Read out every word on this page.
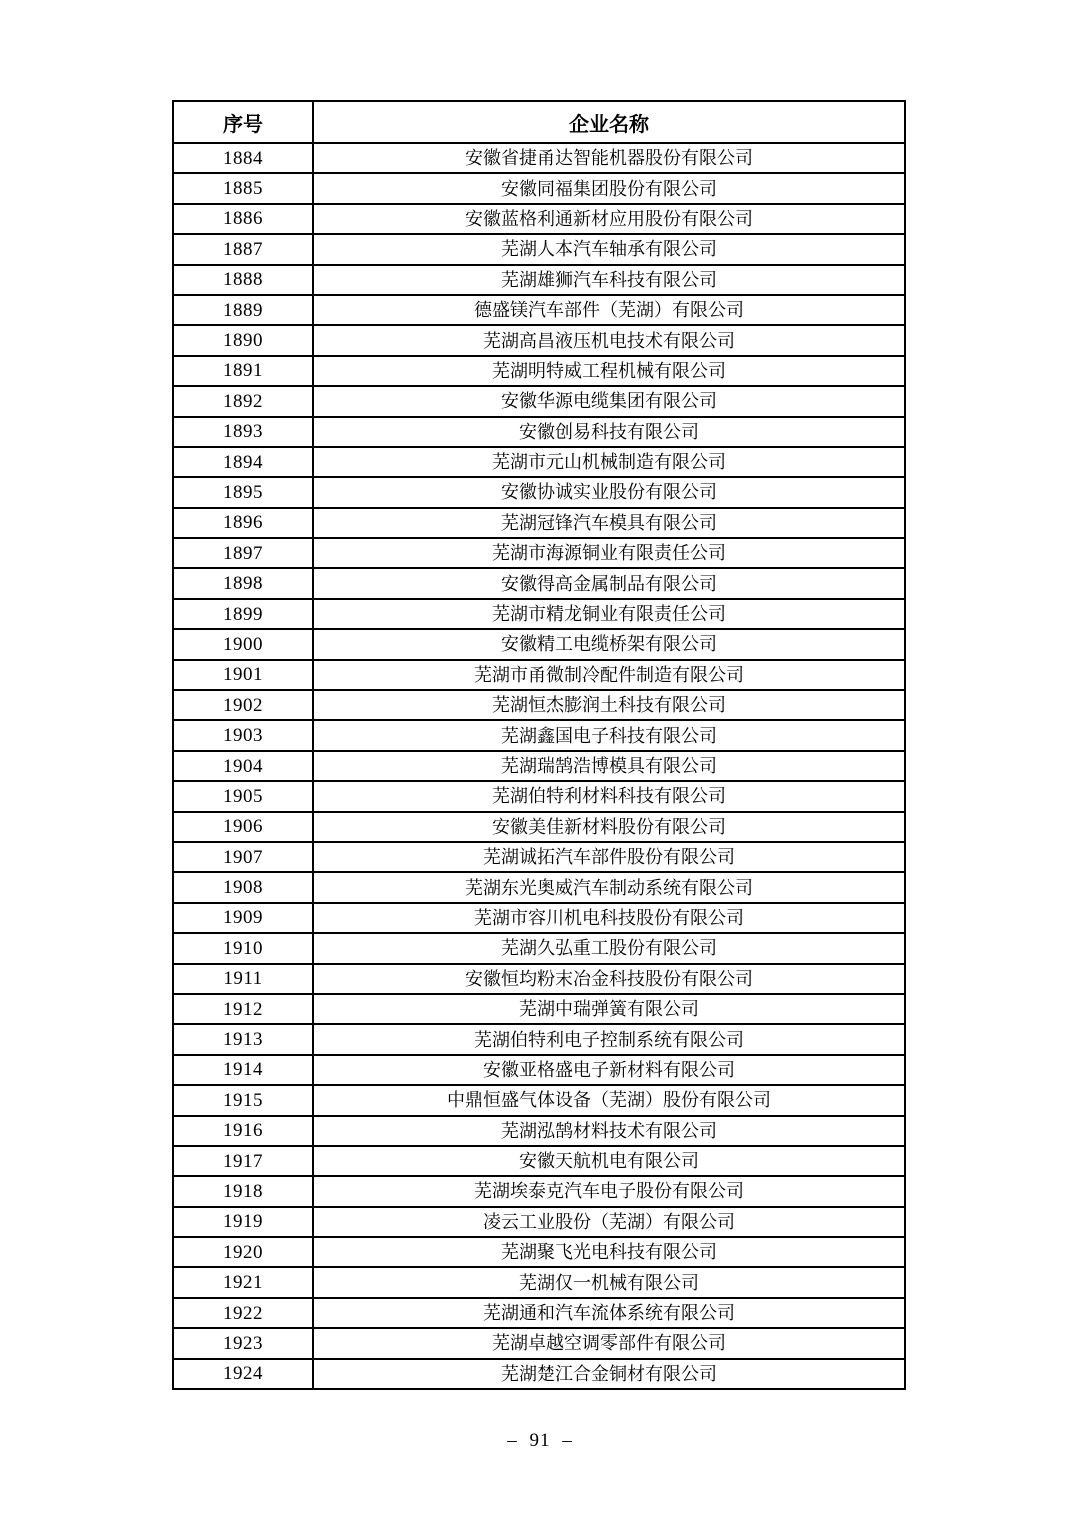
序号	企业名称
1884	安徽省捷甬达智能机器股份有限公司
1885	安徽同福集团股份有限公司
1886	安徽蓝格利通新材应用股份有限公司
1887	芜湖人本汽车轴承有限公司
1888	芜湖雄狮汽车科技有限公司
1889	德盛镁汽车部件（芜湖）有限公司
1890	芜湖高昌液压机电技术有限公司
1891	芜湖明特威工程机械有限公司
1892	安徽华源电缆集团有限公司
1893	安徽创易科技有限公司
1894	芜湖市元山机械制造有限公司
1895	安徽协诚实业股份有限公司
1896	芜湖冠锋汽车模具有限公司
1897	芜湖市海源铜业有限责任公司
1898	安徽得高金属制品有限公司
1899	芜湖市精龙铜业有限责任公司
1900	安徽精工电缆桥架有限公司
1901	芜湖市甬微制冷配件制造有限公司
1902	芜湖恒杰膨润土科技有限公司
1903	芜湖鑫国电子科技有限公司
1904	芜湖瑞鹄浩博模具有限公司
1905	芜湖伯特利材料科技有限公司
1906	安徽美佳新材料股份有限公司
1907	芜湖诚拓汽车部件股份有限公司
1908	芜湖东光奥威汽车制动系统有限公司
1909	芜湖市容川机电科技股份有限公司
1910	芜湖久弘重工股份有限公司
1911	安徽恒均粉末冶金科技股份有限公司
1912	芜湖中瑞弹簧有限公司
1913	芜湖伯特利电子控制系统有限公司
1914	安徽亚格盛电子新材料有限公司
1915	中鼎恒盛气体设备（芜湖）股份有限公司
1916	芜湖泓鹄材料技术有限公司
1917	安徽天航机电有限公司
1918	芜湖埃泰克汽车电子股份有限公司
1919	凌云工业股份（芜湖）有限公司
1920	芜湖聚飞光电科技有限公司
1921	芜湖仅一机械有限公司
1922	芜湖通和汽车流体系统有限公司
1923	芜湖卓越空调零部件有限公司
1924	芜湖楚江合金铜材有限公司
– 91 –
